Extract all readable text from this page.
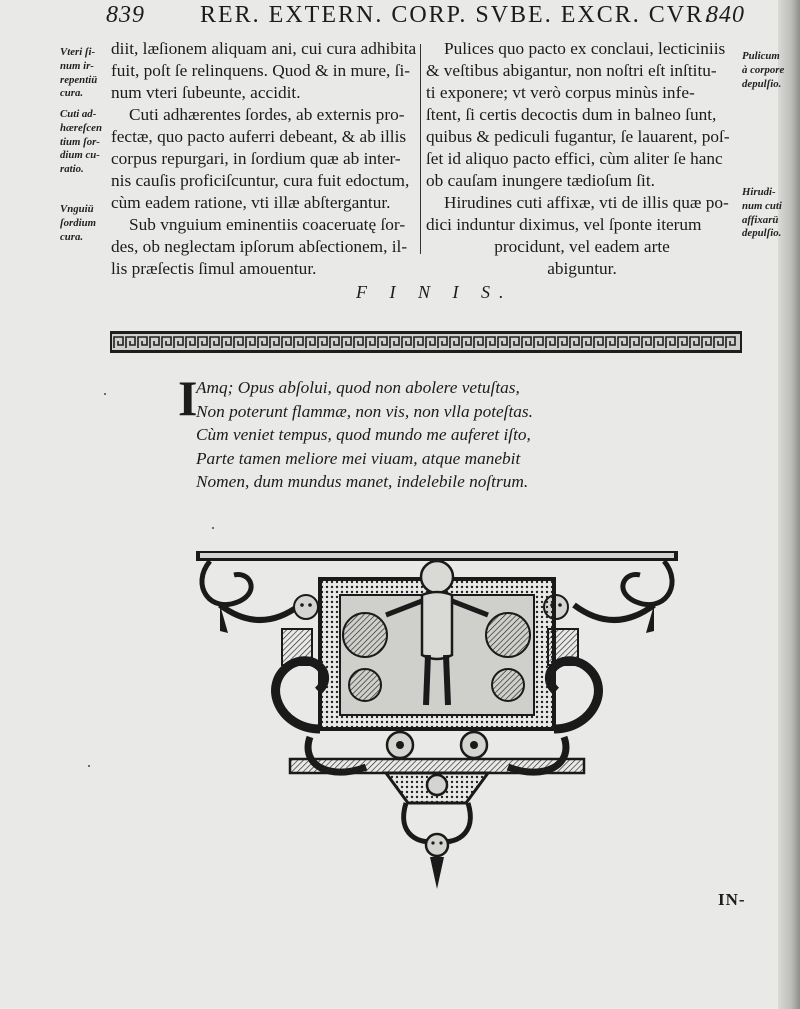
839 RER. EXTERN. CORP. SVBE. EXCR. CVR.
840

Vteri ſi-

num ir-

repentiü

cura.

Cuti ad-

hæreſcen

tium ſor-

dium cu-

ratio.

Vnguiü

ſordium

cura.

Pulicum

à corpore

depulſio.

Hirudi-

num cuti

affixarü

depulſio.

diit, læſionem aliquam ani, cui cura adhibita

fuit, poſt ſe relinquens. Quod & in mure, ſi-

num vteri ſubeunte, accidit.

Cuti adhærentes ſordes, ab externis pro-

fectæ, quo pacto auferri debeant, & ab illis

corpus repurgari, in ſordium quæ ab inter-

nis cauſis proficiſcuntur, cura fuit edoctum,

cùm eadem ratione, vti illæ abſtergantur.

Sub vnguium eminentiis coaceruatę ſor-

des, ob neglectam ipſorum abſectionem, il-

lis præſectis ſimul amouentur.

Pulices quo pacto ex conclaui, lecticiniis

& veſtibus abigantur, non noſtri eſt inſtitu-

ti exponere; vt verò corpus minùs infe-

ſtent, ſi certis decoctis dum in balneo ſunt,

quibus & pediculi fugantur, ſe lauarent, poſ-

ſet id aliquo pacto effici, cùm aliter ſe hanc

ob cauſam inungere tædioſum ſit.

Hirudines cuti affixæ, vti de illis quæ po-

dici induntur diximus, vel ſponte iterum

procidunt, vel eadem arte

abiguntur.

F I N I S.
I

Amq; Opus abſolui, quod non abolere vetuſtas,

Non poterunt flammæ, non vis, non vlla poteſtas.

Cùm veniet tempus, quod mundo me auferet iſto,

Parte tamen meliore mei viuam, atque manebit

Nomen, dum mundus manet, indelebile noſtrum.

IN-
